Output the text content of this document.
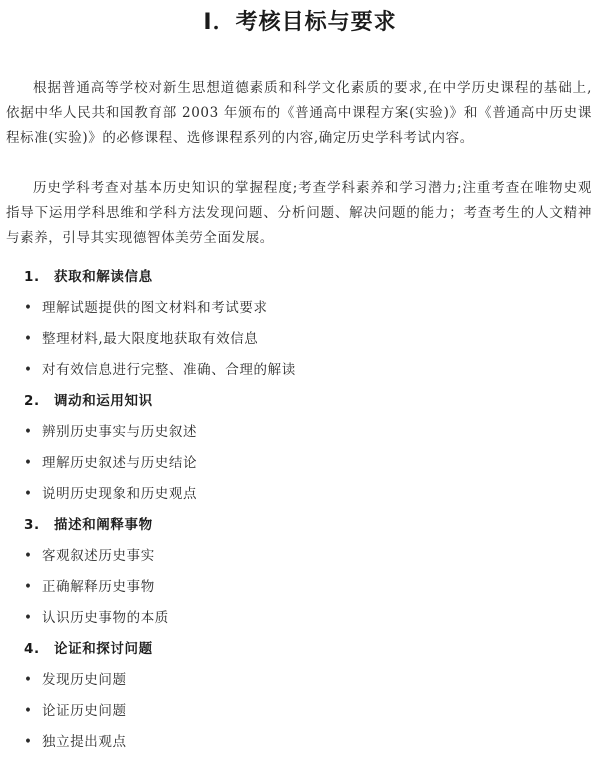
I．考核目标与要求

根据普通高等学校对新生思想道德素质和科学文化素质的要求,在中学历史课程的基础上,依据中华人民共和国教育部 2003 年颁布的《普通高中课程方案(实验)》和《普通高中历史课程标准(实验)》的必修课程、选修课程系列的内容,确定历史学科考试内容。

历史学科考查对基本历史知识的掌握程度;考查学科素养和学习潜力;注重考查在唯物史观指导下运用学科思维和学科方法发现问题、分析问题、解决问题的能力；考查考生的人文精神与素养，引导其实现德智体美劳全面发展。

1. 获取和解读信息
• 理解试题提供的图文材料和考试要求
• 整理材料,最大限度地获取有效信息
• 对有效信息进行完整、准确、合理的解读
2. 调动和运用知识
• 辨别历史事实与历史叙述
• 理解历史叙述与历史结论
• 说明历史现象和历史观点
3. 描述和阐释事物
• 客观叙述历史事实
• 正确解释历史事物
• 认识历史事物的本质
4. 论证和探讨问题
• 发现历史问题
• 论证历史问题
• 独立提出观点
